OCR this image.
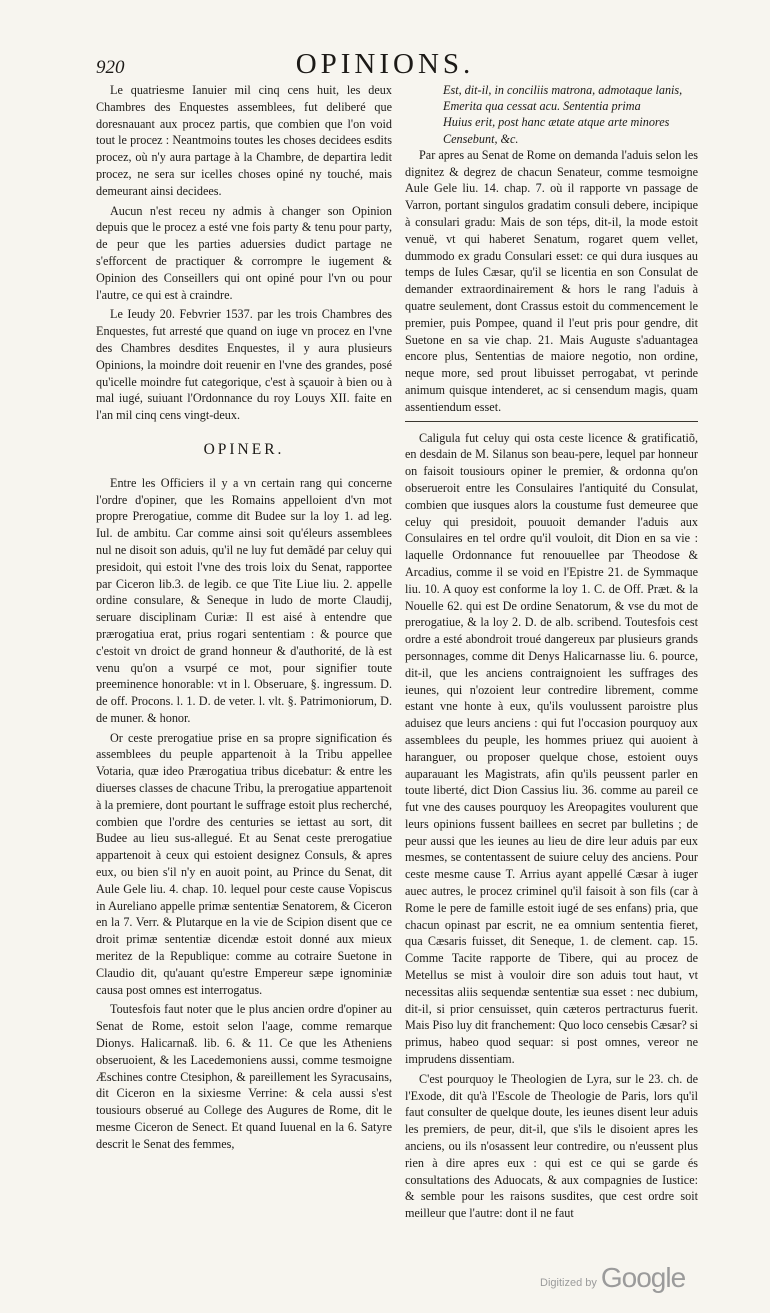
920	OPINIONS.

Le quatriesme Ianuier mil cinq cens huit, les deux Chambres des Enquestes assemblees, fut deliberé que doresnauant aux procez partis, que combien que l'on void tout le procez : Neantmoins toutes les choses decidees esdits procez, où n'y aura partage à la Chambre, de departira ledit procez, ne sera sur icelles choses opiné ny touché, mais demeurant ainsi decidees.

Aucun n'est receu ny admis à changer son Opinion depuis que le procez a esté vne fois party & tenu pour party, de peur que les parties aduersies dudict partage ne s'efforcent de practiquer & corrompre le iugement & Opinion des Conseillers qui ont opiné pour l'vn ou pour l'autre, ce qui est à craindre.

Le Ieudy 20. Febvrier 1537. par les trois Chambres des Enquestes, fut arresté que quand on iuge vn procez en l'vne des Chambres desdites Enquestes, il y aura plusieurs Opinions, la moindre doit reuenir en l'vne des grandes, posé qu'icelle moindre fut categorique, c'est à sçauoir à bien ou à mal iugé, suiuant l'Ordonnance du roy Louys XII. faite en l'an mil cinq cens vingt-deux.

OPINER.

Entre les Officiers il y a vn certain rang qui concerne l'ordre d'opiner, que les Romains appelloient d'vn mot propre Prerogatiue, comme dit Budee sur la loy 1. ad leg. Iul. de ambitu. Car comme ainsi soit qu'éleurs assemblees nul ne disoit son aduis, qu'il ne luy fut demãdé par celuy qui presidoit, qui estoit l'vne des trois loix du Senat, rapportee par Ciceron lib.3. de legib. ce que Tite Liue liu. 2. appelle ordine consulare, & Seneque in ludo de morte Claudij, seruare disciplinam Curiæ: Il est aisé à entendre que prærogatiua erat, prius rogari sententiam : & pource que c'estoit vn droict de grand honneur & d'authorité, de là est venu qu'on a vsurpé ce mot, pour signifier toute preeminence honorable: vt in l. Obseruare, §. ingressum. D. de off. Procons. l. 1. D. de veter. l. vlt. §. Patrimoniorum, D. de muner. & honor.

Or ceste prerogatiue prise en sa propre signification és assemblees du peuple appartenoit à la Tribu appellee Votaria, quæ ideo Prærogatiua tribus dicebatur: & entre les diuerses classes de chacune Tribu, la prerogatiue appartenoit à la premiere, dont pourtant le suffrage estoit plus recherché, combien que l'ordre des centuries se iettast au sort, dit Budee au lieu sus-allegué. Et au Senat ceste prerogatiue appartenoit à ceux qui estoient designez Consuls, & apres eux, ou bien s'il n'y en auoit point, au Prince du Senat, dit Aule Gele liu. 4. chap. 10. lequel pour ceste cause Vopiscus in Aureliano appelle primæ sententiæ Senatorem, & Ciceron en la 7. Verr. & Plutarque en la vie de Scipion disent que ce droit primæ sententiæ dicendæ estoit donné aux mieux meritez de la Republique: comme au cotraire Suetone in Claudio dit, qu'auant qu'estre Empereur sæpe ignominiæ causa post omnes est interrogatus.

Toutesfois faut noter que le plus ancien ordre d'opiner au Senat de Rome, estoit selon l'aage, comme remarque Dionys. Halicarnaß. lib. 6. & 11. Ce que les Atheniens obseruoient, & les Lacedemoniens aussi, comme tesmoigne Æschines contre Ctesiphon, & pareillement les Syracusains, dit Ciceron en la sixiesme Verrine: & cela aussi s'est tousiours obserué au College des Augures de Rome, dit le mesme Ciceron de Senect. Et quand Iuuenal en la 6. Satyre descrit le Senat des femmes,

Est, dit-il, in conciliis matrona, admotaque lanis,
Emerita qua cessat acu. Sententia prima
Huius erit, post hanc ætate atque arte minores
Censebunt, &c.

Par apres au Senat de Rome on demanda l'aduis selon les dignitez & degrez de chacun Senateur, comme tesmoigne Aule Gele liu. 14. chap. 7. où il rapporte vn passage de Varron, portant singulos gradatim consuli debere, incipique à consulari gradu: Mais de son téps, dit-il, la mode estoit venuë, vt qui haberet Senatum, rogaret quem vellet, dummodo ex gradu Consulari esset: ce qui dura iusques au temps de Iules Cæsar, qu'il se licentia en son Consulat de demander extraordinairement & hors le rang l'aduis à quatre seulement, dont Crassus estoit du commencement le premier, puis Pompee, quand il l'eut pris pour gendre, dit Suetone en sa vie chap. 21. Mais Auguste s'aduantagea encore plus, Sententias de maiore negotio, non ordine, neque more, sed prout libuisset perrogabat, vt perinde animum quisque intenderet, ac si censendum magis, quam assentiendum esset.

Caligula fut celuy qui osta ceste licence & gratificatiõ, en desdain de M. Silanus son beau-pere, lequel par honneur on faisoit tousiours opiner le premier, & ordonna qu'on obserueroit entre les Consulaires l'antiquité du Consulat, combien que iusques alors la coustume fust demeuree que celuy qui presidoit, pouuoit demander l'aduis aux Consulaires en tel ordre qu'il vouloit, dit Dion en sa vie : laquelle Ordonnance fut renouuellee par Theodose & Arcadius, comme il se void en l'Epistre 21. de Symmaque liu. 10. A quoy est conforme la loy 1. C. de Off. Præt. & la Nouelle 62. qui est De ordine Senatorum, & vse du mot de prerogatiue, & la loy 2. D. de alb. scribend. Toutesfois cest ordre a esté abondroit troué dangereux par plusieurs grands personnages, comme dit Denys Halicarnasse liu. 6. pource, dit-il, que les anciens contraignoient les suffrages des ieunes, qui n'ozoient leur contredire librement, comme estant vne honte à eux, qu'ils voulussent paroistre plus aduisez que leurs anciens : qui fut l'occasion pourquoy aux assemblees du peuple, les hommes priuez qui auoient à haranguer, ou proposer quelque chose, estoient ouys auparauant les Magistrats, afin qu'ils peussent parler en toute liberté, dict Dion Cassius liu. 36. comme au pareil ce fut vne des causes pourquoy les Areopagites voulurent que leurs opinions fussent baillees en secret par bulletins ; de peur aussi que les ieunes au lieu de dire leur aduis par eux mesmes, se contentassent de suiure celuy des anciens. Pour ceste mesme cause T. Arrius ayant appellé Cæsar à iuger auec autres, le procez criminel qu'il faisoit à son fils (car à Rome le pere de famille estoit iugé de ses enfans) pria, que chacun opinast par escrit, ne ea omnium sententia fieret, qua Cæsaris fuisset, dit Seneque, 1. de clement. cap. 15. Comme Tacite rapporte de Tibere, qui au procez de Metellus se mist à vouloir dire son aduis tout haut, vt necessitas aliis sequendæ sententiæ sua esset : nec dubium, dit-il, si prior censuisset, quin cæteros pertracturus fuerit. Mais Piso luy dit franchement: Quo loco censebis Cæsar? si primus, habeo quod sequar: si post omnes, vereor ne imprudens dissentiam.

C'est pourquoy le Theologien de Lyra, sur le 23. ch. de l'Exode, dit qu'à l'Escole de Theologie de Paris, lors qu'il faut consulter de quelque doute, les ieunes disent leur aduis les premiers, de peur, dit-il, que s'ils le disoient apres les anciens, ou ils n'osassent leur contredire, ou n'eussent plus rien à dire apres eux : qui est ce qui se garde és consultations des Aduocats, & aux compagnies de Iustice: & semble pour les raisons susdites, que cest ordre soit meilleur que l'autre: dont il ne faut

Digitized by Google
